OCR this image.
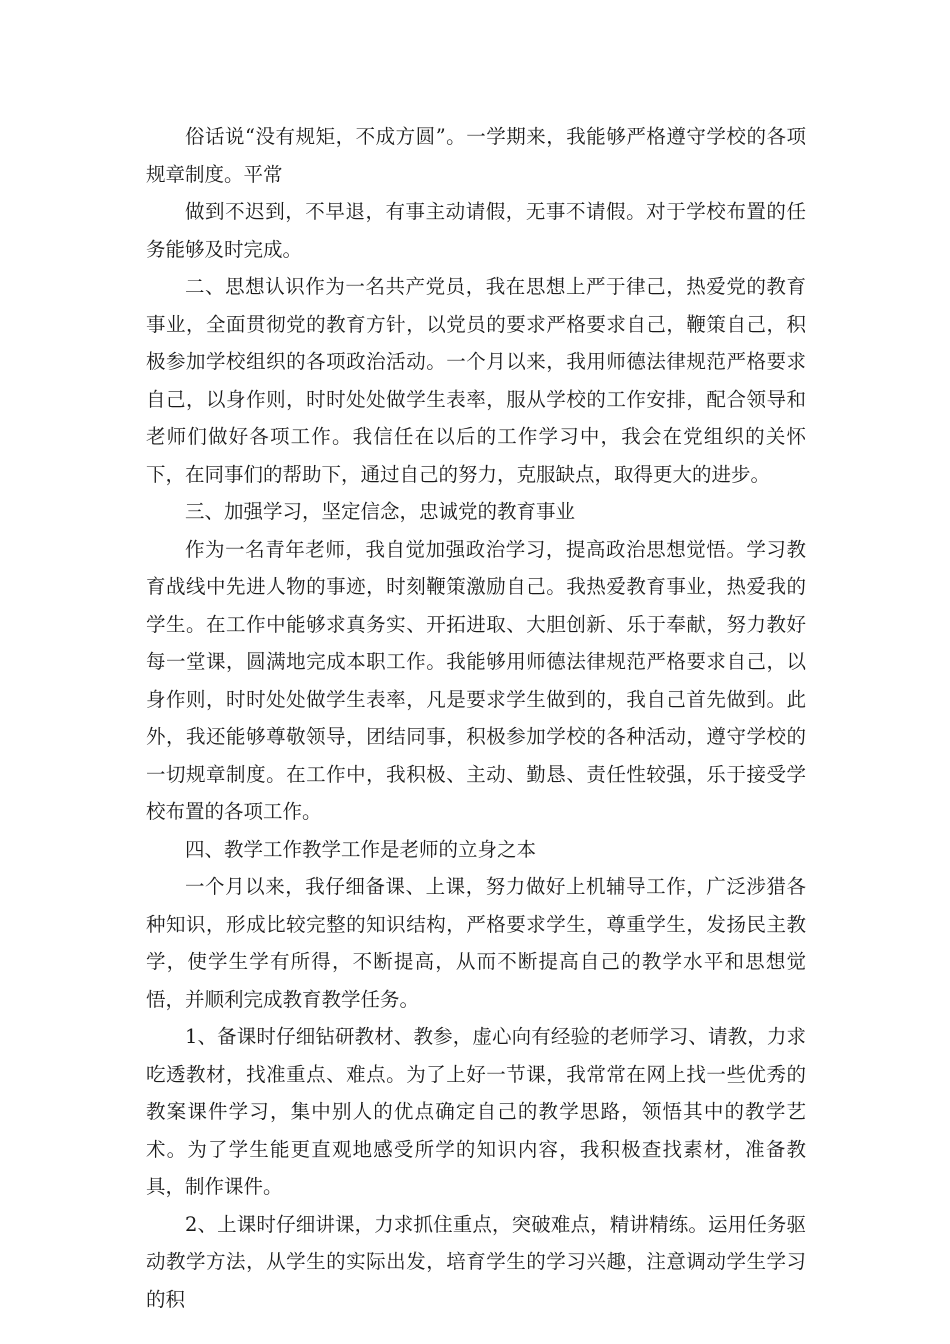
俗话说“没有规矩，不成方圆”。一学期来，我能够严格遵守学校的各项规章制度。平常

做到不迟到，不早退，有事主动请假，无事不请假。对于学校布置的任务能够及时完成。

二、思想认识作为一名共产党员，我在思想上严于律己，热爱党的教育事业，全面贯彻党的教育方针，以党员的要求严格要求自己，鞭策自己，积极参加学校组织的各项政治活动。一个月以来，我用师德法律规范严格要求自己，以身作则，时时处处做学生表率，服从学校的工作安排，配合领导和老师们做好各项工作。我信任在以后的工作学习中，我会在党组织的关怀下，在同事们的帮助下，通过自己的努力，克服缺点，取得更大的进步。

三、加强学习，坚定信念，忠诚党的教育事业

作为一名青年老师，我自觉加强政治学习，提高政治思想觉悟。学习教育战线中先进人物的事迹，时刻鞭策激励自己。我热爱教育事业，热爱我的学生。在工作中能够求真务实、开拓进取、大胆创新、乐于奉献，努力教好每一堂课，圆满地完成本职工作。我能够用师德法律规范严格要求自己，以身作则，时时处处做学生表率，凡是要求学生做到的，我自己首先做到。此外，我还能够尊敬领导，团结同事，积极参加学校的各种活动，遵守学校的一切规章制度。在工作中，我积极、主动、勤恳、责任性较强，乐于接受学校布置的各项工作。

四、教学工作教学工作是老师的立身之本

一个月以来，我仔细备课、上课，努力做好上机辅导工作，广泛涉猎各种知识，形成比较完整的知识结构，严格要求学生，尊重学生，发扬民主教学，使学生学有所得，不断提高，从而不断提高自己的教学水平和思想觉悟，并顺利完成教育教学任务。

1、备课时仔细钻研教材、教参，虚心向有经验的老师学习、请教，力求吃透教材，找准重点、难点。为了上好一节课，我常常在网上找一些优秀的教案课件学习，集中别人的优点确定自己的教学思路，领悟其中的教学艺术。为了学生能更直观地感受所学的知识内容，我积极查找素材，准备教具，制作课件。

2、上课时仔细讲课，力求抓住重点，突破难点，精讲精练。运用任务驱动教学方法，从学生的实际出发，培育学生的学习兴趣，注意调动学生学习的积
